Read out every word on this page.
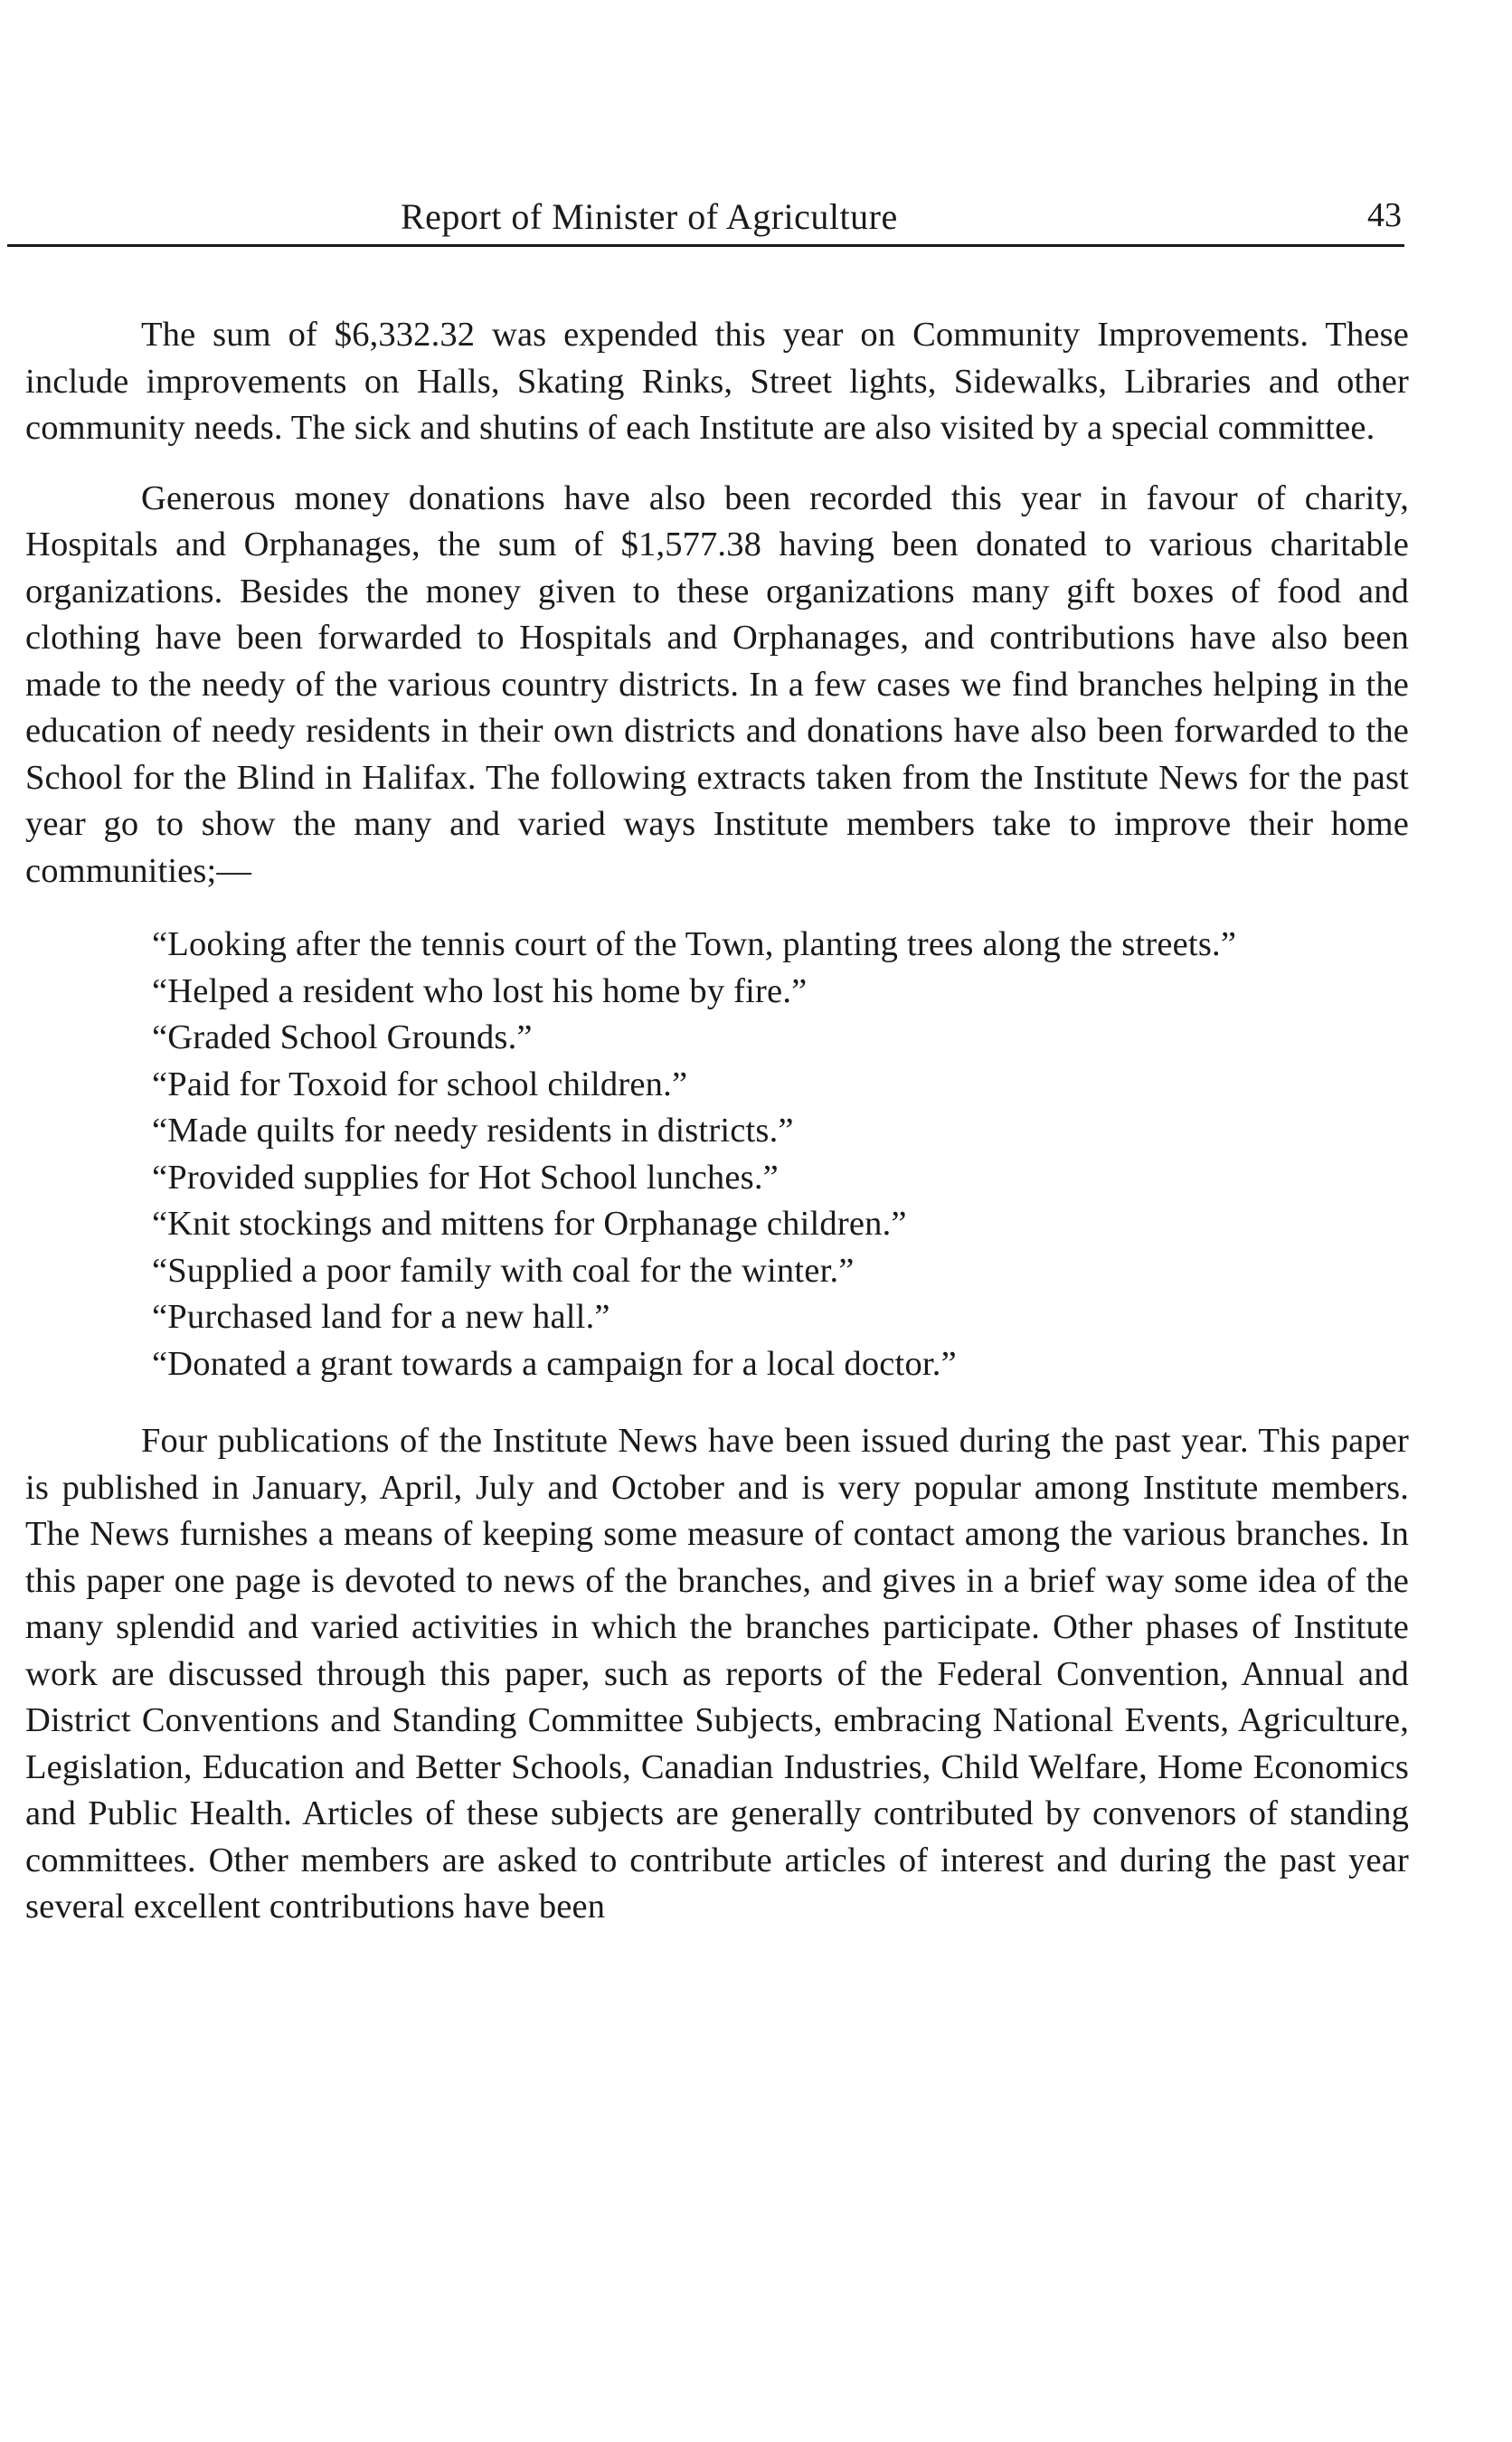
Report of Minister of Agriculture	43

The sum of $6,332.32 was expended this year on Community Improvements. These include improvements on Halls, Skating Rinks, Street lights, Sidewalks, Libraries and other community needs. The sick and shutins of each Institute are also visited by a special committee.

Generous money donations have also been recorded this year in favour of charity, Hospitals and Orphanages, the sum of $1,577.38 having been donated to various charitable organizations. Besides the money given to these organizations many gift boxes of food and clothing have been forwarded to Hospitals and Orphanages, and contributions have also been made to the needy of the various country districts. In a few cases we find branches helping in the education of needy residents in their own districts and donations have also been forwarded to the School for the Blind in Halifax. The following extracts taken from the Institute News for the past year go to show the many and varied ways Institute members take to improve their home communities;—

“Looking after the tennis court of the Town, planting trees along the streets.”
“Helped a resident who lost his home by fire.”
“Graded School Grounds.”
“Paid for Toxoid for school children.”
“Made quilts for needy residents in districts.”
“Provided supplies for Hot School lunches.”
“Knit stockings and mittens for Orphanage children.”
“Supplied a poor family with coal for the winter.”
“Purchased land for a new hall.”
“Donated a grant towards a campaign for a local doctor.”

Four publications of the Institute News have been issued during the past year. This paper is published in January, April, July and October and is very popular among Institute members. The News furnishes a means of keeping some measure of contact among the various branches. In this paper one page is devoted to news of the branches, and gives in a brief way some idea of the many splendid and varied activities in which the branches participate. Other phases of Institute work are discussed through this paper, such as reports of the Federal Convention, Annual and District Conventions and Standing Committee Subjects, embracing National Events, Agriculture, Legislation, Education and Better Schools, Canadian Industries, Child Welfare, Home Economics and Public Health. Articles of these subjects are generally contributed by convenors of standing committees. Other members are asked to contribute articles of interest and during the past year several excellent contributions have been
